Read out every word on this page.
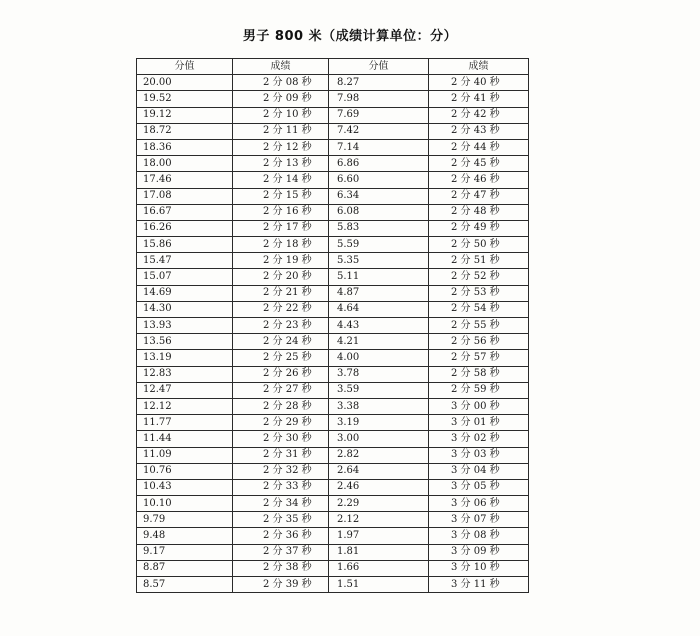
男子 800 米（成绩计算单位：分）
分值	成绩	分值	成绩
20.00	2 分 08 秒	8.27	2 分 40 秒
19.52	2 分 09 秒	7.98	2 分 41 秒
19.12	2 分 10 秒	7.69	2 分 42 秒
18.72	2 分 11 秒	7.42	2 分 43 秒
18.36	2 分 12 秒	7.14	2 分 44 秒
18.00	2 分 13 秒	6.86	2 分 45 秒
17.46	2 分 14 秒	6.60	2 分 46 秒
17.08	2 分 15 秒	6.34	2 分 47 秒
16.67	2 分 16 秒	6.08	2 分 48 秒
16.26	2 分 17 秒	5.83	2 分 49 秒
15.86	2 分 18 秒	5.59	2 分 50 秒
15.47	2 分 19 秒	5.35	2 分 51 秒
15.07	2 分 20 秒	5.11	2 分 52 秒
14.69	2 分 21 秒	4.87	2 分 53 秒
14.30	2 分 22 秒	4.64	2 分 54 秒
13.93	2 分 23 秒	4.43	2 分 55 秒
13.56	2 分 24 秒	4.21	2 分 56 秒
13.19	2 分 25 秒	4.00	2 分 57 秒
12.83	2 分 26 秒	3.78	2 分 58 秒
12.47	2 分 27 秒	3.59	2 分 59 秒
12.12	2 分 28 秒	3.38	3 分 00 秒
11.77	2 分 29 秒	3.19	3 分 01 秒
11.44	2 分 30 秒	3.00	3 分 02 秒
11.09	2 分 31 秒	2.82	3 分 03 秒
10.76	2 分 32 秒	2.64	3 分 04 秒
10.43	2 分 33 秒	2.46	3 分 05 秒
10.10	2 分 34 秒	2.29	3 分 06 秒
9.79	2 分 35 秒	2.12	3 分 07 秒
9.48	2 分 36 秒	1.97	3 分 08 秒
9.17	2 分 37 秒	1.81	3 分 09 秒
8.87	2 分 38 秒	1.66	3 分 10 秒
8.57	2 分 39 秒	1.51	3 分 11 秒
